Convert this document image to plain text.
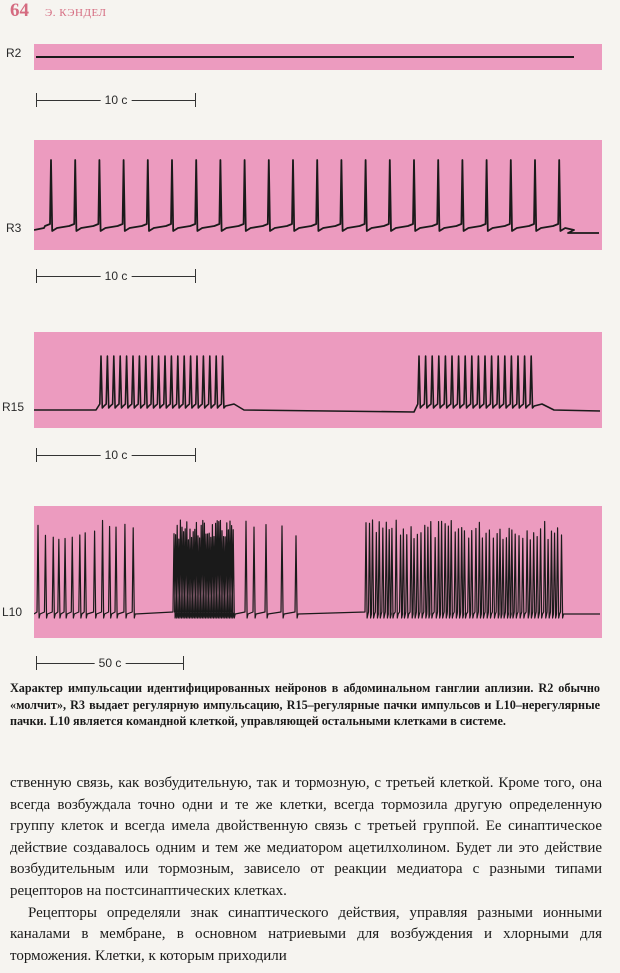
64 Э. КЭНДЕЛ
R2
10 с
R3
10 с
R15
10 с
L10
50 с
Характер импульсации идентифицированных нейронов в абдоминальном ганглии аплизии. R2 обычно «молчит», R3 выдает регулярную импульсацию, R15–регулярные пачки импульсов и L10–нерегулярные пачки. L10 является командной клеткой, управляющей остальными клетками в системе.

ственную связь, как возбудительную, так и тормозную, с третьей клеткой. Кроме того, она всегда возбуждала точно одни и те же клетки, всегда тормозила другую определенную группу клеток и всегда имела двойственную связь с третьей группой. Ее синаптическое действие создавалось одним и тем же медиатором ацетилхолином. Будет ли это действие возбудительным или тормозным, зависело от реакции медиатора с разными типами рецепторов на постсинаптических клетках.

Рецепторы определяли знак синаптического действия, управляя разными ионными каналами в мембране, в основном натриевыми для возбуждения и хлорными для торможения. Клетки, к которым приходили
